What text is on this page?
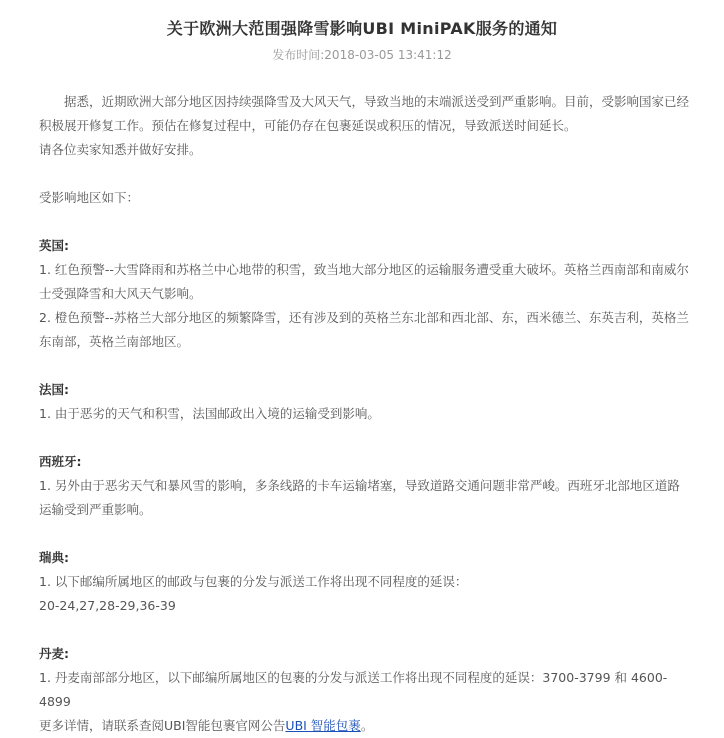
关于欧洲大范围强降雪影响UBI MiniPAK服务的通知
发布时间:2018-03-05 13:41:12

据悉，近期欧洲大部分地区因持续强降雪及大风天气，导致当地的末端派送受到严重影响。目前，受影响国家已经积极展开修复工作。预估在修复过程中，可能仍存在包裹延误或积压的情况，导致派送时间延长。

请各位卖家知悉并做好安排。

受影响地区如下：

英国:

1. 红色预警--大雪降雨和苏格兰中心地带的积雪，致当地大部分地区的运输服务遭受重大破坏。英格兰西南部和南威尔士受强降雪和大风天气影响。

2. 橙色预警--苏格兰大部分地区的频繁降雪，还有涉及到的英格兰东北部和西北部、东，西米德兰、东英吉利，英格兰东南部，英格兰南部地区。

法国:

1. 由于恶劣的天气和积雪，法国邮政出入境的运输受到影响。

西班牙:

1. 另外由于恶劣天气和暴风雪的影响，多条线路的卡车运输堵塞，导致道路交通问题非常严峻。西班牙北部地区道路运输受到严重影响。

瑞典:

1. 以下邮编所属地区的邮政与包裹的分发与派送工作将出现不同程度的延误：

20-24,27,28-29,36-39

丹麦:

1. 丹麦南部部分地区，以下邮编所属地区的包裹的分发与派送工作将出现不同程度的延误：3700-3799 和 4600-4899

更多详情，请联系查阅UBI智能包裹官网公告UBI 智能包裹。
